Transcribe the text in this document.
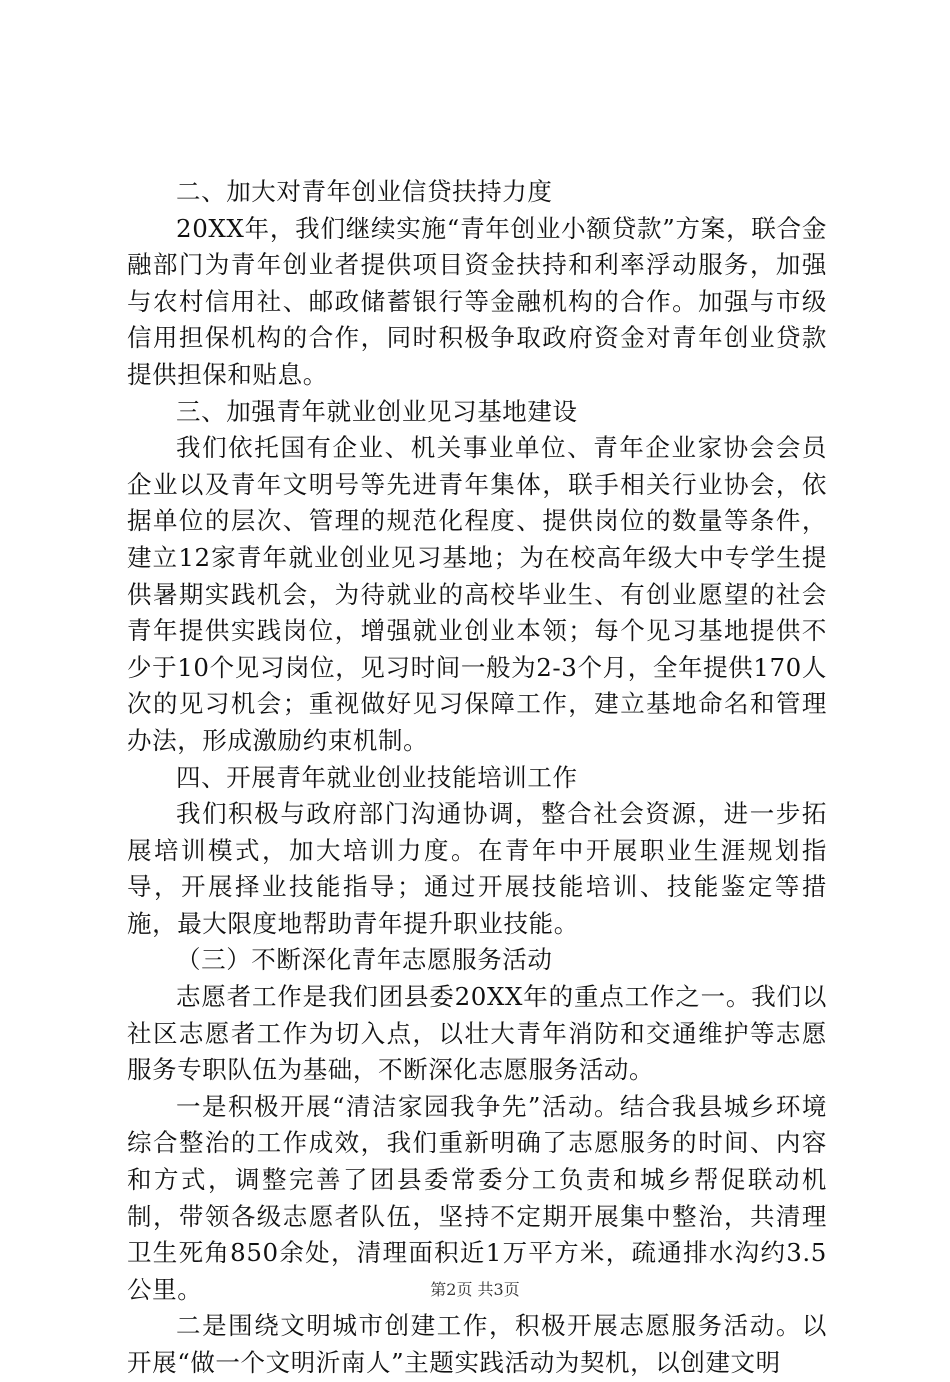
二、加大对青年创业信贷扶持力度

20XX年，我们继续实施“青年创业小额贷款”方案，联合金融部门为青年创业者提供项目资金扶持和利率浮动服务，加强与农村信用社、邮政储蓄银行等金融机构的合作。加强与市级信用担保机构的合作，同时积极争取政府资金对青年创业贷款提供担保和贴息。

三、加强青年就业创业见习基地建设

我们依托国有企业、机关事业单位、青年企业家协会会员企业以及青年文明号等先进青年集体，联手相关行业协会，依据单位的层次、管理的规范化程度、提供岗位的数量等条件，建立12家青年就业创业见习基地；为在校高年级大中专学生提供暑期实践机会，为待就业的高校毕业生、有创业愿望的社会青年提供实践岗位，增强就业创业本领；每个见习基地提供不少于10个见习岗位，见习时间一般为2-3个月，全年提供170人次的见习机会；重视做好见习保障工作，建立基地命名和管理办法，形成激励约束机制。

四、开展青年就业创业技能培训工作

我们积极与政府部门沟通协调，整合社会资源，进一步拓展培训模式，加大培训力度。在青年中开展职业生涯规划指导，开展择业技能指导；通过开展技能培训、技能鉴定等措施，最大限度地帮助青年提升职业技能。

（三）不断深化青年志愿服务活动

志愿者工作是我们团县委20XX年的重点工作之一。我们以社区志愿者工作为切入点，以壮大青年消防和交通维护等志愿服务专职队伍为基础，不断深化志愿服务活动。

一是积极开展“清洁家园我争先”活动。结合我县城乡环境综合整治的工作成效，我们重新明确了志愿服务的时间、内容和方式，调整完善了团县委常委分工负责和城乡帮促联动机制，带领各级志愿者队伍，坚持不定期开展集中整治，共清理卫生死角850余处，清理面积近1万平方米，疏通排水沟约3.5公里。

二是围绕文明城市创建工作，积极开展志愿服务活动。以开展“做一个文明沂南人”主题实践活动为契机，以创建文明

第2页 共3页
